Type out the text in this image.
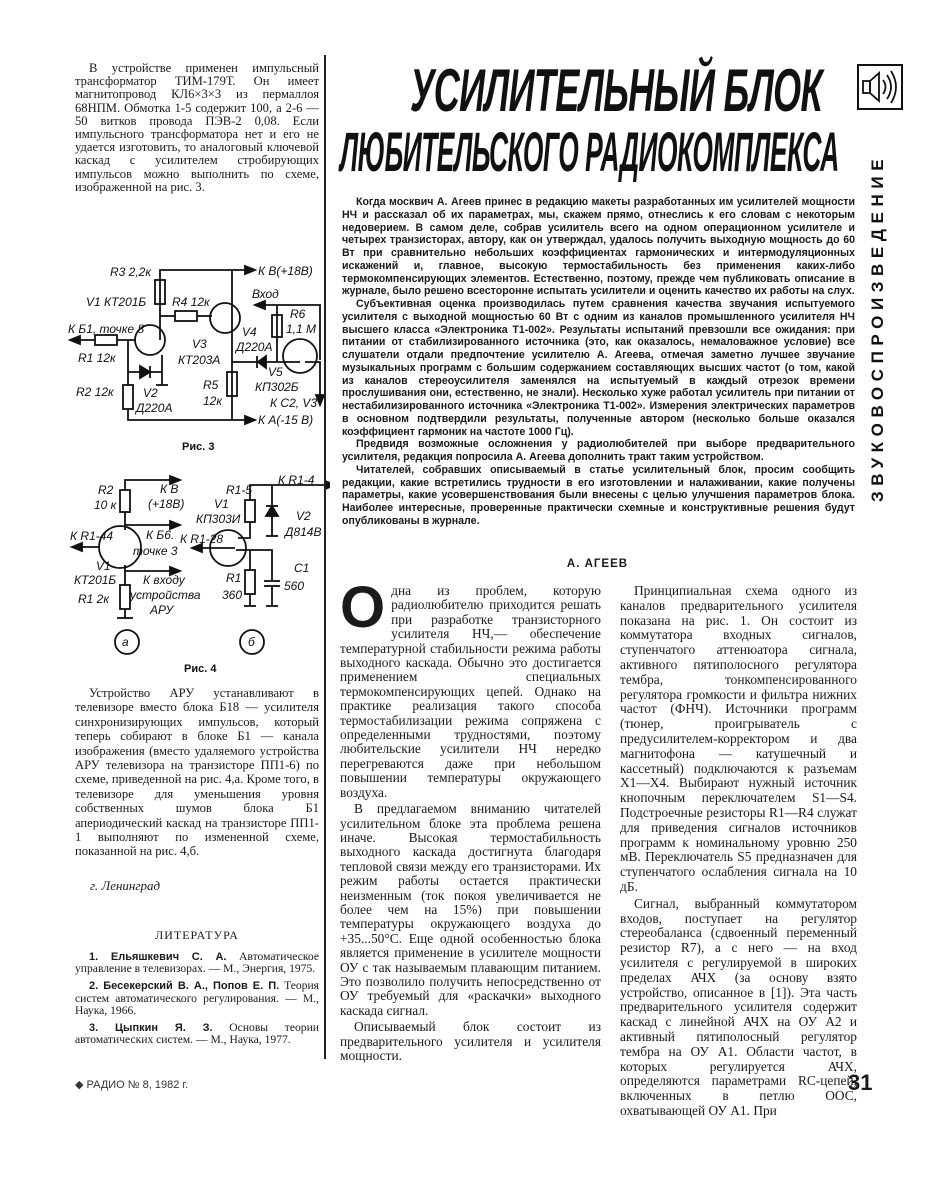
В устройстве применен импульсный трансформатор ТИМ-179Т. Он имеет магнитопровод КЛ6×3×3 из пермаллоя 68НПМ. Обмотка 1-5 содержит 100, а 2-6 — 50 витков провода ПЭВ-2 0,08. Если импульсного трансформатора нет и его не удается изготовить, то аналоговый ключевой каскад с усилителем стробирующих импульсов можно выполнить по схеме, изображенной на рис. 3.

К В(+18В)
R3 2,2к
V1 КТ201Б R4 12к
К Б1, точке 8
R1 12к
V3
КТ203А
Вход
R6
1,1 М
V4
Д220А
R2 12к V2
Д220А
R5
12к
V5
КП302Б
К С2, V3
К А(-15 В)
Рис. 3
R2
10 к
К В
(+18В)
К R1-44	К Б6.
точке 3
V1
КТ201Б
R1 2к
К входу
устройства
АРУ
R1-5
К R1-4
V1
КП303И	V2
Д814В
К R1-28
C1
560
R1
360
а	б
Рис. 4

Устройство АРУ устанавливают в телевизоре вместо блока Б18 — усилителя синхронизирующих импульсов, который теперь собирают в блоке Б1 — канала изображения (вместо удаляемого устройства АРУ телевизора на транзисторе ПП1-6) по схеме, приведенной на рис. 4,а. Кроме того, в телевизоре для уменьшения уровня собственных шумов блока Б1 апериодический каскад на транзисторе ПП1-1 выполняют по измененной схеме, показанной на рис. 4,б.

г. Ленинград
ЛИТЕРАТУРА

1. Ельяшкевич С. А. Автоматическое управление в телевизорах. — М., Энергия, 1975.

2. Бесекерский В. А., Попов Е. П. Теория систем автоматического регулирования. — М., Наука, 1966.

3. Цыпкин Я. З. Основы теории автоматических систем. — М., Наука, 1977.

УСИЛИТЕЛЬНЫЙ БЛОК
ЛЮБИТЕЛЬСКОГО РАДИОКОМПЛЕКСА
ЗВУКОВОСПРОИЗВЕДЕНИЕ

Когда москвич А. Агеев принес в редакцию макеты разработанных им усилителей мощности НЧ и рассказал об их параметрах, мы, скажем прямо, отнеслись к его словам с некоторым недоверием. В самом деле, собрав усилитель всего на одном операционном усилителе и четырех транзисторах, автору, как он утверждал, удалось получить выходную мощность до 60 Вт при сравнительно небольших коэффициентах гармонических и интермодуляционных искажений и, главное, высокую термостабильность без применения каких-либо термокомпенсирующих элементов. Естественно, поэтому, прежде чем публиковать описание в журнале, было решено всесторонне испытать усилители и оценить качество их работы на слух.

Субъективная оценка производилась путем сравнения качества звучания испытуемого усилителя с выходной мощностью 60 Вт с одним из каналов промышленного усилителя НЧ высшего класса «Электроника Т1-002». Результаты испытаний превзошли все ожидания: при питании от стабилизированного источника (это, как оказалось, немаловажное условие) все слушатели отдали предпочтение усилителю А. Агеева, отмечая заметно лучшее звучание музыкальных программ с большим содержанием составляющих высших частот (о том, какой из каналов стереоусилителя заменялся на испытуемый в каждый отрезок времени прослушивания они, естественно, не знали). Несколько хуже работал усилитель при питании от нестабилизированного источника «Электроника Т1-002». Измерения электрических параметров в основном подтвердили результаты, полученные автором (несколько больше оказался коэффициент гармоник на частоте 1000 Гц).

Предвидя возможные осложнения у радиолюбителей при выборе предварительного усилителя, редакция попросила А. Агеева дополнить тракт таким устройством.

Читателей, собравших описываемый в статье усилительный блок, просим сообщить редакции, какие встретились трудности в его изготовлении и налаживании, какие получены параметры, какие усовершенствования были внесены с целью улучшения параметров блока. Наиболее интересные, проверенные практически схемные и конструктивные решения будут опубликованы в журнале.

А. АГЕЕВ

Одна из проблем, которую радиолюбителю приходится решать при разработке транзисторного усилителя НЧ,— обеспечение температурной стабильности режима работы выходного каскада. Обычно это достигается применением специальных термокомпенсирующих цепей. Однако на практике реализация такого способа термостабилизации режима сопряжена с определенными трудностями, поэтому любительские усилители НЧ нередко перегреваются даже при небольшом повышении температуры окружающего воздуха.

В предлагаемом вниманию читателей усилительном блоке эта проблема решена иначе. Высокая термостабильность выходного каскада достигнута благодаря тепловой связи между его транзисторами. Их режим работы остается практически неизменным (ток покоя увеличивается не более чем на 15%) при повышении температуры окружающего воздуха до +35...50°С. Еще одной особенностью блока является применение в усилителе мощности ОУ с так называемым плавающим питанием. Это позволило получить непосредственно от ОУ требуемый для «раскачки» выходного каскада сигнал.

Описываемый блок состоит из предварительного усилителя и усилителя мощности.

Принципиальная схема одного из каналов предварительного усилителя показана на рис. 1. Он состоит из коммутатора входных сигналов, ступенчатого аттенюатора сигнала, активного пятиполосного регулятора тембра, тонкомпенсированного регулятора громкости и фильтра нижних частот (ФНЧ). Источники программ (тюнер, проигрыватель с предусилителем-корректором и два магнитофона — катушечный и кассетный) подключаются к разъемам X1—X4. Выбирают нужный источник кнопочным переключателем S1—S4. Подстроечные резисторы R1—R4 служат для приведения сигналов источников программ к номинальному уровню 250 мВ. Переключатель S5 предназначен для ступенчатого ослабления сигнала на 10 дБ.

Сигнал, выбранный коммутатором входов, поступает на регулятор стереобаланса (сдвоенный переменный резистор R7), а с него — на вход усилителя с регулируемой в широких пределах АЧХ (за основу взято устройство, описанное в [1]). Эта часть предварительного усилителя содержит каскад с линейной АЧХ на ОУ A2 и активный пятиполосный регулятор тембра на ОУ A1. Области частот, в которых регулируется АЧХ, определяются параметрами RC-цепей, включенных в петлю ООС, охватывающей ОУ A1. При

◆ РАДИО № 8, 1982 г.	31
